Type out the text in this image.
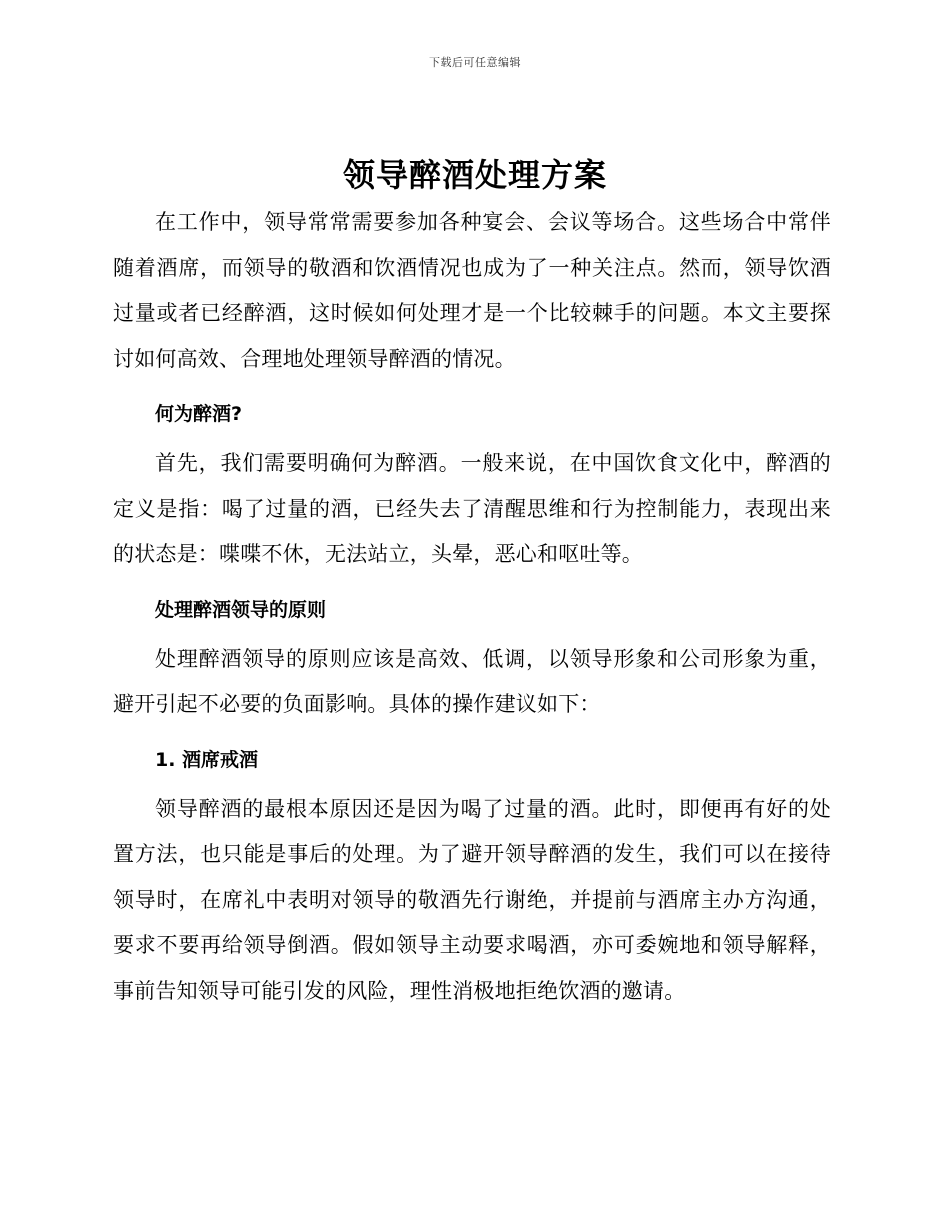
下载后可任意编辑
领导醉酒处理方案

在工作中，领导常常需要参加各种宴会、会议等场合。这些场合中常伴随着酒席，而领导的敬酒和饮酒情况也成为了一种关注点。然而，领导饮酒过量或者已经醉酒，这时候如何处理才是一个比较棘手的问题。本文主要探讨如何高效、合理地处理领导醉酒的情况。

何为醉酒?

首先，我们需要明确何为醉酒。一般来说，在中国饮食文化中，醉酒的定义是指：喝了过量的酒，已经失去了清醒思维和行为控制能力，表现出来的状态是：喋喋不休，无法站立，头晕，恶心和呕吐等。

处理醉酒领导的原则

处理醉酒领导的原则应该是高效、低调，以领导形象和公司形象为重，避开引起不必要的负面影响。具体的操作建议如下：

1. 酒席戒酒

领导醉酒的最根本原因还是因为喝了过量的酒。此时，即便再有好的处置方法，也只能是事后的处理。为了避开领导醉酒的发生，我们可以在接待领导时，在席礼中表明对领导的敬酒先行谢绝，并提前与酒席主办方沟通，要求不要再给领导倒酒。假如领导主动要求喝酒，亦可委婉地和领导解释，事前告知领导可能引发的风险，理性消极地拒绝饮酒的邀请。
